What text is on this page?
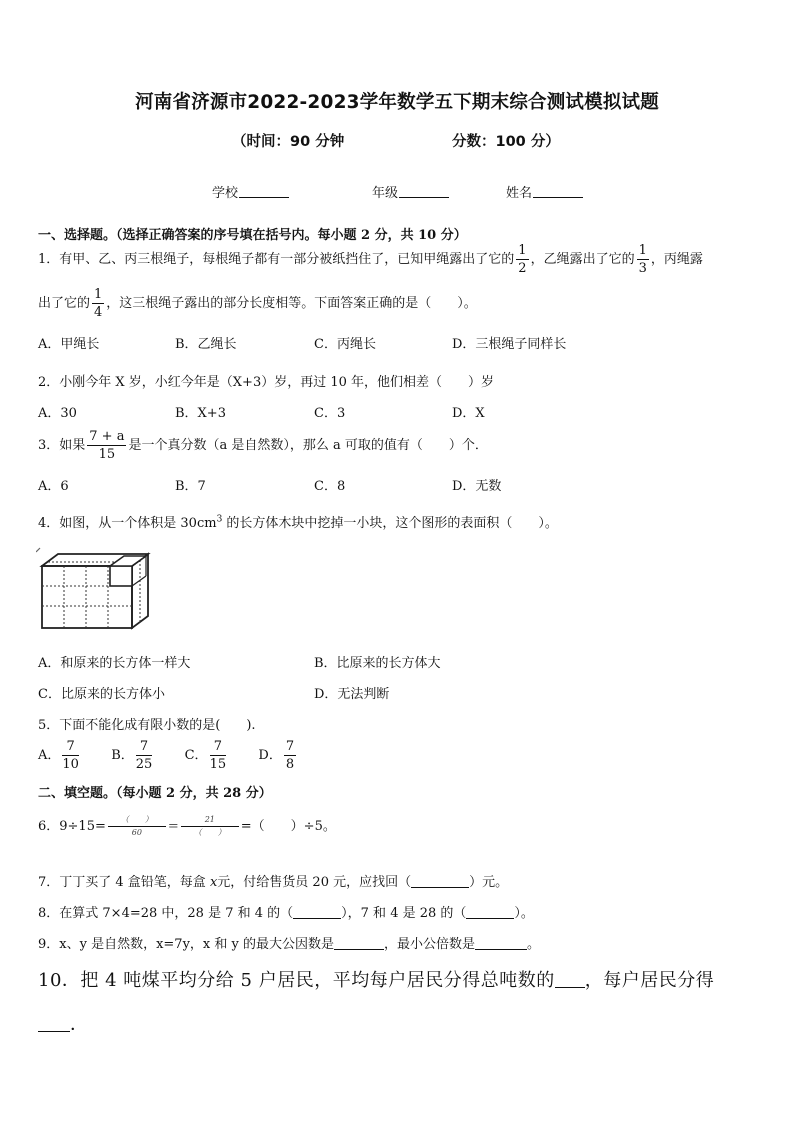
河南省济源市2022-2023学年数学五下期末综合测试模拟试题
（时间：90 分钟	分数：100 分）
学校	年级	姓名
一、选择题。（选择正确答案的序号填在括号内。每小题 2 分，共 10 分）
1．有甲、乙、丙三根绳子，每根绳子都有一部分被纸挡住了，已知甲绳露出了它的 $\frac{1}{2}$ ，乙绳露出了它的 $\frac{1}{3}$ ，丙绳露
出了它的 $\frac{1}{4}$ ，这三根绳子露出的部分长度相等。下面答案正确的是（　　）。
A．甲绳长	B．乙绳长	C．丙绳长	D．三根绳子同样长
2．小刚今年 X 岁，小红今年是（X+3）岁，再过 10 年，他们相差（　　）岁
A．30	B．X+3	C．3	D．X
3．如果 $\frac{7 + a}{15}$ 是一个真分数（a 是自然数），那么 a 可取的值有（　　）个．
A．6	B．7	C．8	D．无数
4．如图，从一个体积是 $30cm^3$ 的长方体木块中挖掉一小块，这个图形的表面积（　　）。
A．和原来的长方体一样大	B．比原来的长方体大
C．比原来的长方体小	D．无法判断
5．下面不能化成有限小数的是(　　).
A． $\frac{7}{10}$ B． $\frac{7}{25}$ C． $\frac{7}{15}$ D． $\frac{7}{8}$
二、填空题。（每小题 2 分，共 28 分）
6．$9\div 15= \frac{( )}{60} = \frac{21}{( )}$ =（　　）÷5。
7．丁丁买了 4 盒铅笔，每盒 x元，付给售货员 20 元，应找回（	）元。
8．在算式 7×4=28 中，28 是 7 和 4 的（	），7 和 4 是 28 的（	）。
9．x、y 是自然数，x=7y，x 和 y 的最大公因数是	，最小公倍数是	。
10．把 4 吨煤平均分给 5 户居民，平均每户居民分得总吨数的 ，每户居民分得
．
